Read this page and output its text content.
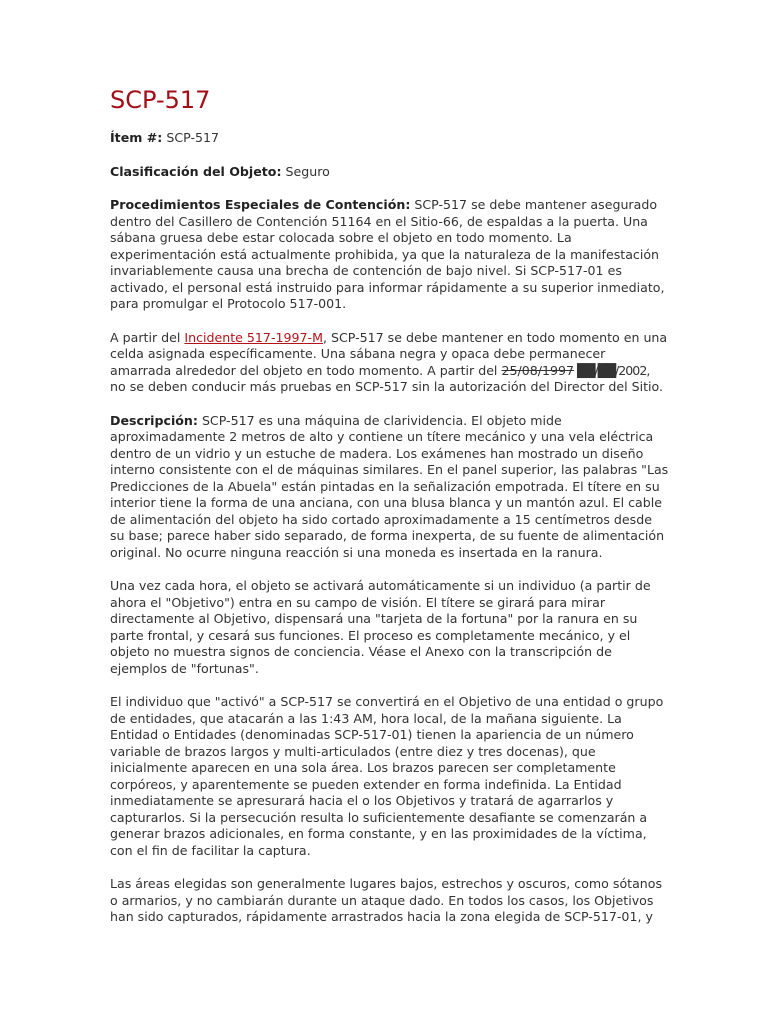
SCP-517

Ítem #: SCP-517

Clasificación del Objeto: Seguro

Procedimientos Especiales de Contención: SCP-517 se debe mantener asegurado dentro del Casillero de Contención 51164 en el Sitio-66, de espaldas a la puerta. Una sábana gruesa debe estar colocada sobre el objeto en todo momento. La experimentación está actualmente prohibida, ya que la naturaleza de la manifestación invariablemente causa una brecha de contención de bajo nivel. Si SCP-517-01 es activado, el personal está instruido para informar rápidamente a su superior inmediato, para promulgar el Protocolo 517-001.

A partir del Incidente 517-1997-M, SCP-517 se debe mantener en todo momento en una celda asignada específicamente. Una sábana negra y opaca debe permanecer amarrada alrededor del objeto en todo momento. A partir del 25/08/1997 ██/██/2002, no se deben conducir más pruebas en SCP-517 sin la autorización del Director del Sitio.

Descripción: SCP-517 es una máquina de clarividencia. El objeto mide aproximadamente 2 metros de alto y contiene un títere mecánico y una vela eléctrica dentro de un vidrio y un estuche de madera. Los exámenes han mostrado un diseño interno consistente con el de máquinas similares. En el panel superior, las palabras "Las Predicciones de la Abuela" están pintadas en la señalización empotrada. El títere en su interior tiene la forma de una anciana, con una blusa blanca y un mantón azul. El cable de alimentación del objeto ha sido cortado aproximadamente a 15 centímetros desde su base; parece haber sido separado, de forma inexperta, de su fuente de alimentación original. No ocurre ninguna reacción si una moneda es insertada en la ranura.

Una vez cada hora, el objeto se activará automáticamente si un individuo (a partir de ahora el "Objetivo") entra en su campo de visión. El títere se girará para mirar directamente al Objetivo, dispensará una "tarjeta de la fortuna" por la ranura en su parte frontal, y cesará sus funciones. El proceso es completamente mecánico, y el objeto no muestra signos de conciencia. Véase el Anexo con la transcripción de ejemplos de "fortunas".

El individuo que "activó" a SCP-517 se convertirá en el Objetivo de una entidad o grupo de entidades, que atacarán a las 1:43 AM, hora local, de la mañana siguiente. La Entidad o Entidades (denominadas SCP-517-01) tienen la apariencia de un número variable de brazos largos y multi-articulados (entre diez y tres docenas), que inicialmente aparecen en una sola área. Los brazos parecen ser completamente corpóreos, y aparentemente se pueden extender en forma indefinida. La Entidad inmediatamente se apresurará hacia el o los Objetivos y tratará de agarrarlos y capturarlos. Si la persecución resulta lo suficientemente desafiante se comenzarán a generar brazos adicionales, en forma constante, y en las proximidades de la víctima, con el fin de facilitar la captura.

Las áreas elegidas son generalmente lugares bajos, estrechos y oscuros, como sótanos o armarios, y no cambiarán durante un ataque dado. En todos los casos, los Objetivos han sido capturados, rápidamente arrastrados hacia la zona elegida de SCP-517-01, y
